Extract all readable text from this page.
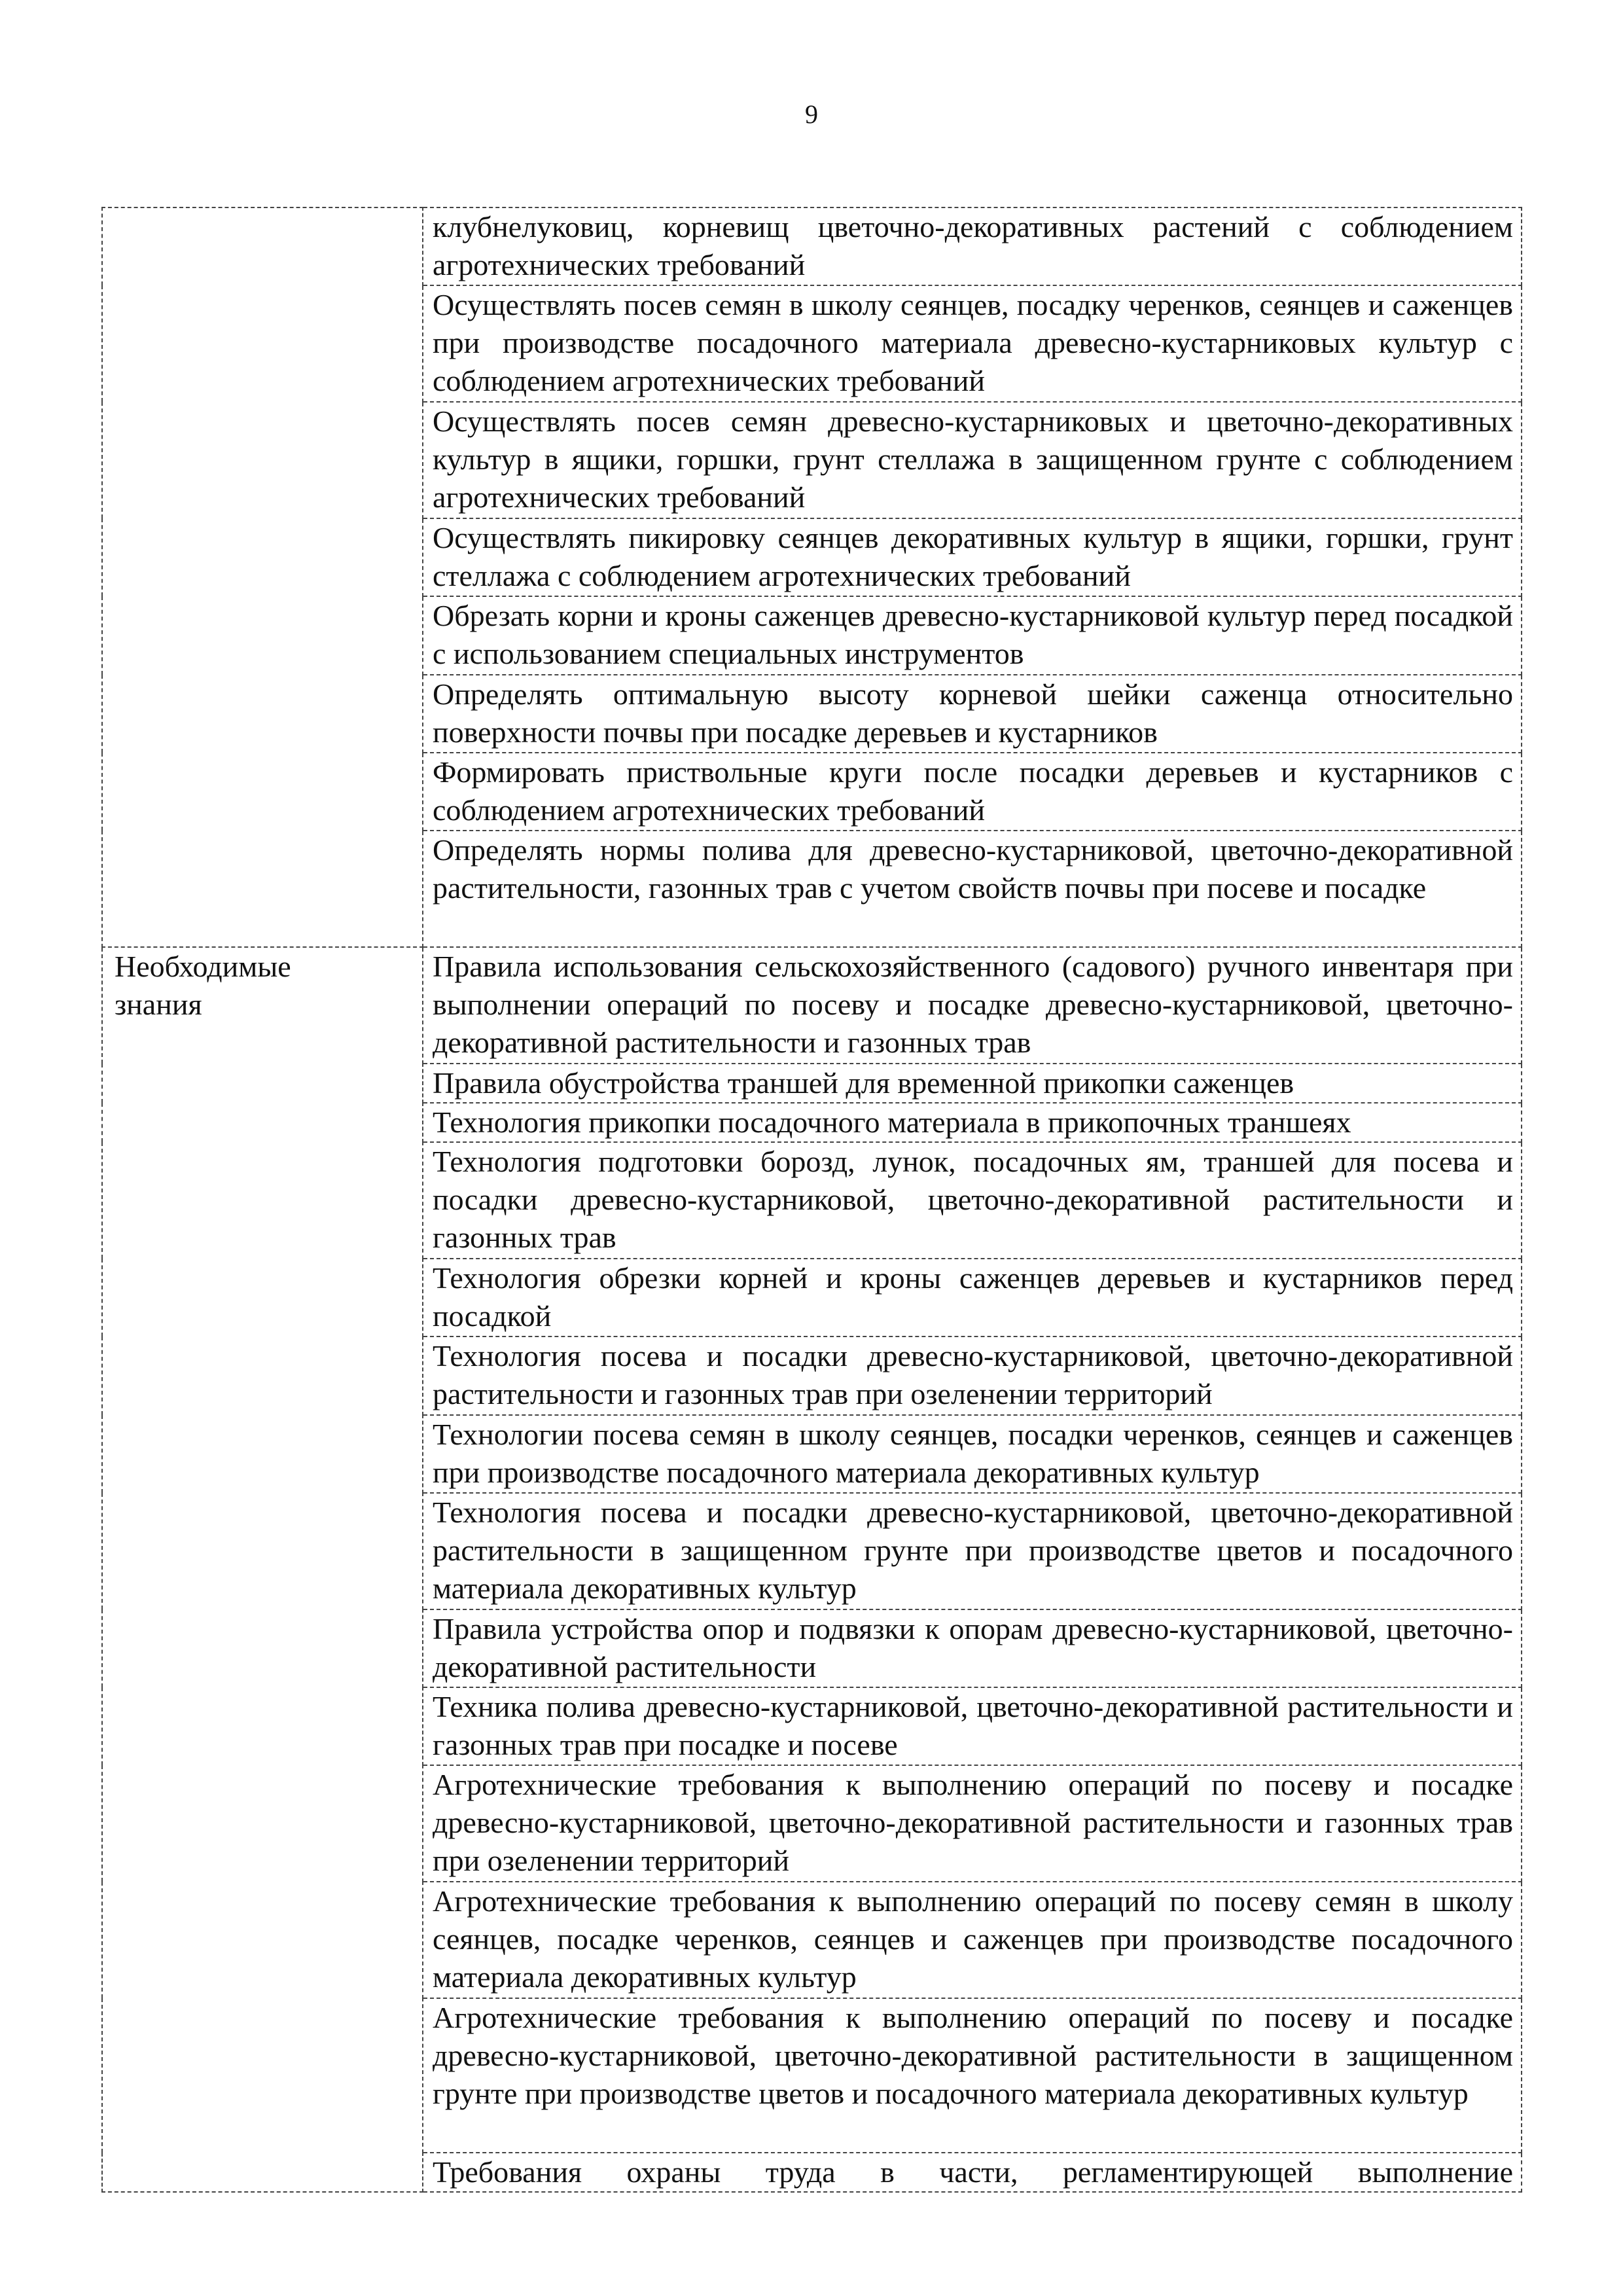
9
	клубнелуковиц, корневищ цветочно-декоративных растений с соблюдением агротехнических требований
	Осуществлять посев семян в школу сеянцев, посадку черенков, сеянцев и саженцев при производстве посадочного материала древесно-кустарниковых культур с соблюдением агротехнических требований
	Осуществлять посев семян древесно-кустарниковых и цветочно-декоративных культур в ящики, горшки, грунт стеллажа в защищенном грунте с соблюдением агротехнических требований
	Осуществлять пикировку сеянцев декоративных культур в ящики, горшки, грунт стеллажа с соблюдением агротехнических требований
	Обрезать корни и кроны саженцев древесно-кустарниковой культур перед посадкой с использованием специальных инструментов
	Определять оптимальную высоту корневой шейки саженца относительно поверхности почвы при посадке деревьев и кустарников
	Формировать приствольные круги после посадки деревьев и кустарников с соблюдением агротехнических требований
	Определять нормы полива для древесно-кустарниковой, цветочно-декоративной растительности, газонных трав с учетом свойств почвы при посеве и посадке

Необходимые
знания	Правила использования сельскохозяйственного (садового) ручного инвентаря при выполнении операций по посеву и посадке древесно-кустарниковой, цветочно-декоративной растительности и газонных трав
	Правила обустройства траншей для временной прикопки саженцев
	Технология прикопки посадочного материала в прикопочных траншеях
	Технология подготовки борозд, лунок, посадочных ям, траншей для посева и посадки древесно-кустарниковой, цветочно-декоративной растительности и газонных трав
	Технология обрезки корней и кроны саженцев деревьев и кустарников перед посадкой
	Технология посева и посадки древесно-кустарниковой, цветочно-декоративной растительности и газонных трав при озеленении территорий
	Технологии посева семян в школу сеянцев, посадки черенков, сеянцев и саженцев при производстве посадочного материала декоративных культур
	Технология посева и посадки древесно-кустарниковой, цветочно-декоративной растительности в защищенном грунте при производстве цветов и посадочного материала декоративных культур
	Правила устройства опор и подвязки к опорам древесно-кустарниковой, цветочно-декоративной растительности
	Техника полива древесно-кустарниковой, цветочно-декоративной растительности и газонных трав при посадке и посеве
	Агротехнические требования к выполнению операций по посеву и посадке древесно-кустарниковой, цветочно-декоративной растительности и газонных трав при озеленении территорий
	Агротехнические требования к выполнению операций по посеву семян в школу сеянцев, посадке черенков, сеянцев и саженцев при производстве посадочного материала декоративных культур
	Агротехнические требования к выполнению операций по посеву и посадке древесно-кустарниковой, цветочно-декоративной растительности в защищенном грунте при производстве цветов и посадочного материала декоративных культур
	Требования охраны труда в части, регламентирующей выполнение
